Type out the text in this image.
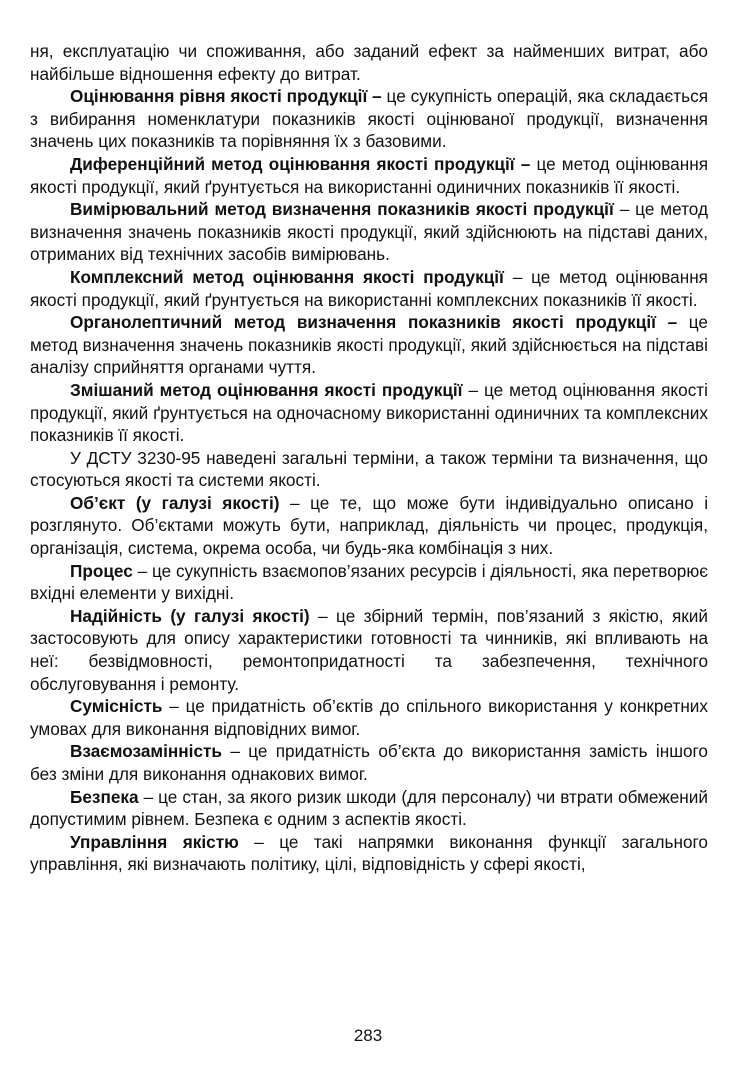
ня, експлуатацію чи споживання, або заданий ефект за найменших витрат, або найбільше відношення ефекту до витрат.

Оцінювання рівня якості продукції – це сукупність операцій, яка складається з вибирання номенклатури показників якості оцінюваної продукції, визначення значень цих показників та порівняння їх з базовими.

Диференційний метод оцінювання якості продукції – це метод оцінювання якості продукції, який ґрунтується на використанні одиничних показників її якості.

Вимірювальний метод визначення показників якості продукції – це метод визначення значень показників якості продукції, який здійснюють на підставі даних, отриманих від технічних засобів вимірювань.

Комплексний метод оцінювання якості продукції – це метод оцінювання якості продукції, який ґрунтується на використанні комплексних показників її якості.

Органолептичний метод визначення показників якості продукції – це метод визначення значень показників якості продукції, який здійснюється на підставі аналізу сприйняття органами чуття.

Змішаний метод оцінювання якості продукції – це метод оцінювання якості продукції, який ґрунтується на одночасному використанні одиничних та комплексних показників її якості.

У ДСТУ 3230-95 наведені загальні терміни, а також терміни та визначення, що стосуються якості та системи якості.

Об’єкт (у галузі якості) – це те, що може бути індивідуально описано і розглянуто. Об’єктами можуть бути, наприклад, діяльність чи процес, продукція, організація, система, окрема особа, чи будь-яка комбінація з них.

Процес – це сукупність взаємопов’язаних ресурсів і діяльності, яка перетворює вхідні елементи у вихідні.

Надійність (у галузі якості) – це збірний термін, пов’язаний з якістю, який застосовують для опису характеристики готовності та чинників, які впливають на неї: безвідмовності, ремонтопридатності та забезпечення, технічного обслуговування і ремонту.

Сумісність – це придатність об’єктів до спільного використання у конкретних умовах для виконання відповідних вимог.

Взаємозамінність – це придатність об’єкта до використання замість іншого без зміни для виконання однакових вимог.

Безпека – це стан, за якого ризик шкоди (для персоналу) чи втрати обмежений допустимим рівнем. Безпека є одним з аспектів якості.

Управління якістю – це такі напрямки виконання функції загального управління, які визначають політику, цілі, відповідність у сфері якості,

283
